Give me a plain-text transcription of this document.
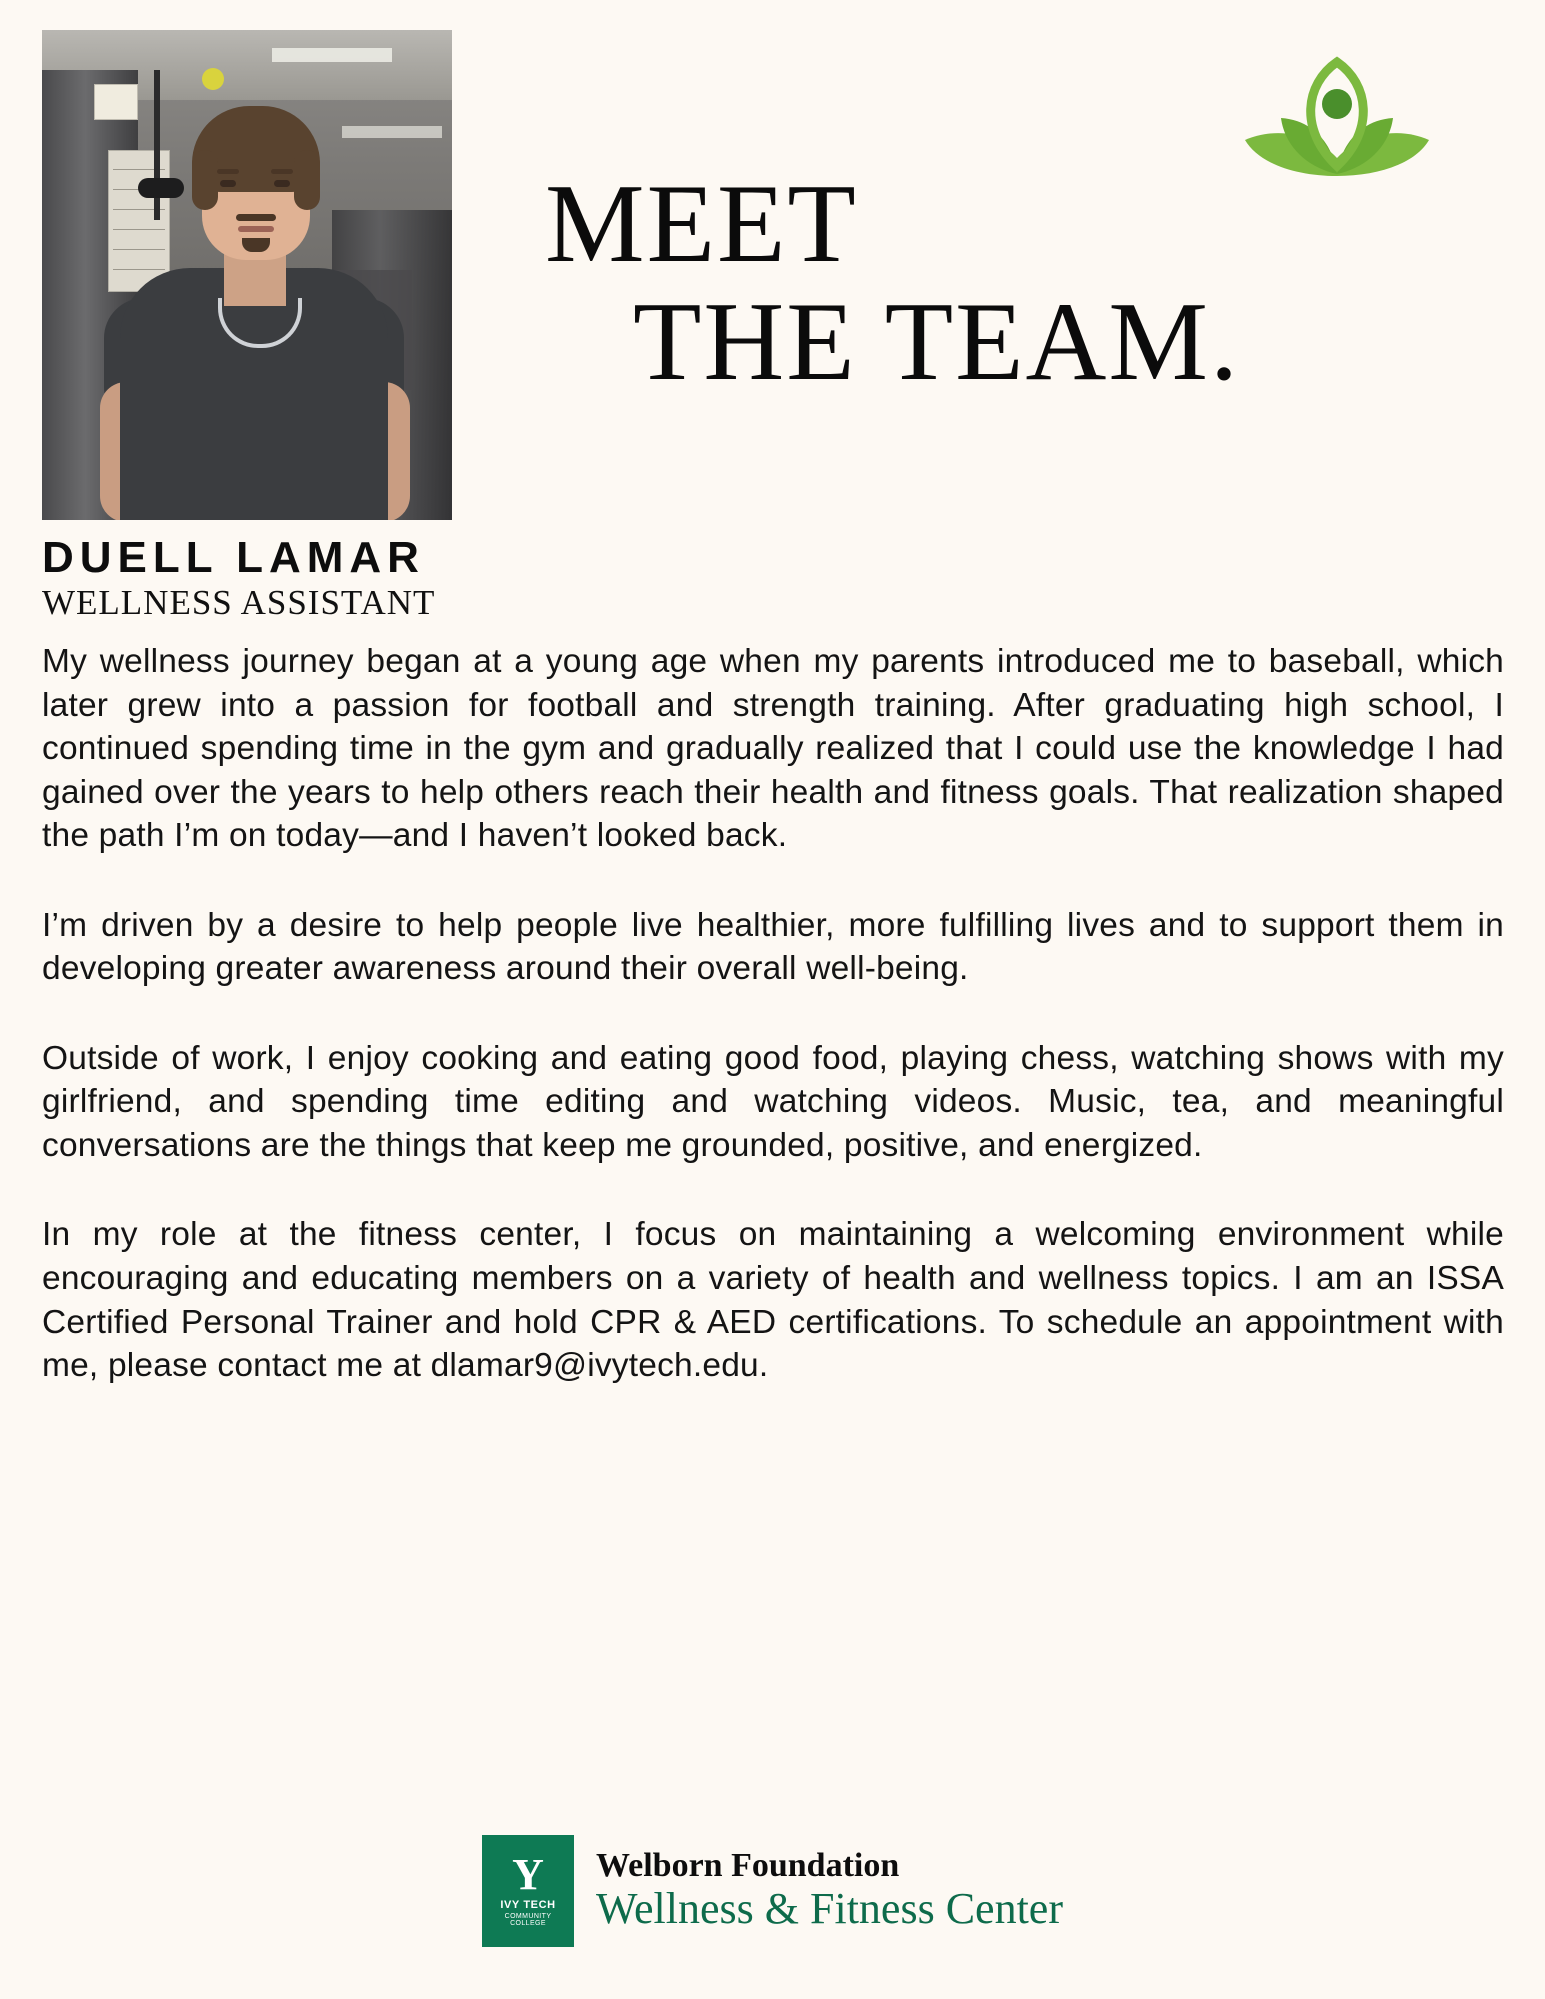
MEET
THE TEAM.
DUELL LAMAR
WELLNESS ASSISTANT

My wellness journey began at a young age when my parents introduced me to baseball, which later grew into a passion for football and strength training. After graduating high school, I continued spending time in the gym and gradually realized that I could use the knowledge I had gained over the years to help others reach their health and fitness goals. That realization shaped the path I’m on today—and I haven’t looked back.

I’m driven by a desire to help people live healthier, more fulfilling lives and to support them in developing greater awareness around their overall well-being.

Outside of work, I enjoy cooking and eating good food, playing chess, watching shows with my girlfriend, and spending time editing and watching videos. Music, tea, and meaningful conversations are the things that keep me grounded, positive, and energized.

In my role at the fitness center, I focus on maintaining a welcoming environment while encouraging and educating members on a variety of health and wellness topics. I am an ISSA Certified Personal Trainer and hold CPR & AED certifications. To schedule an appointment with me, please contact me at dlamar9@ivytech.edu.

Y
IVY TECH
COMMUNITY
COLLEGE
Welborn Foundation
Wellness & Fitness Center
